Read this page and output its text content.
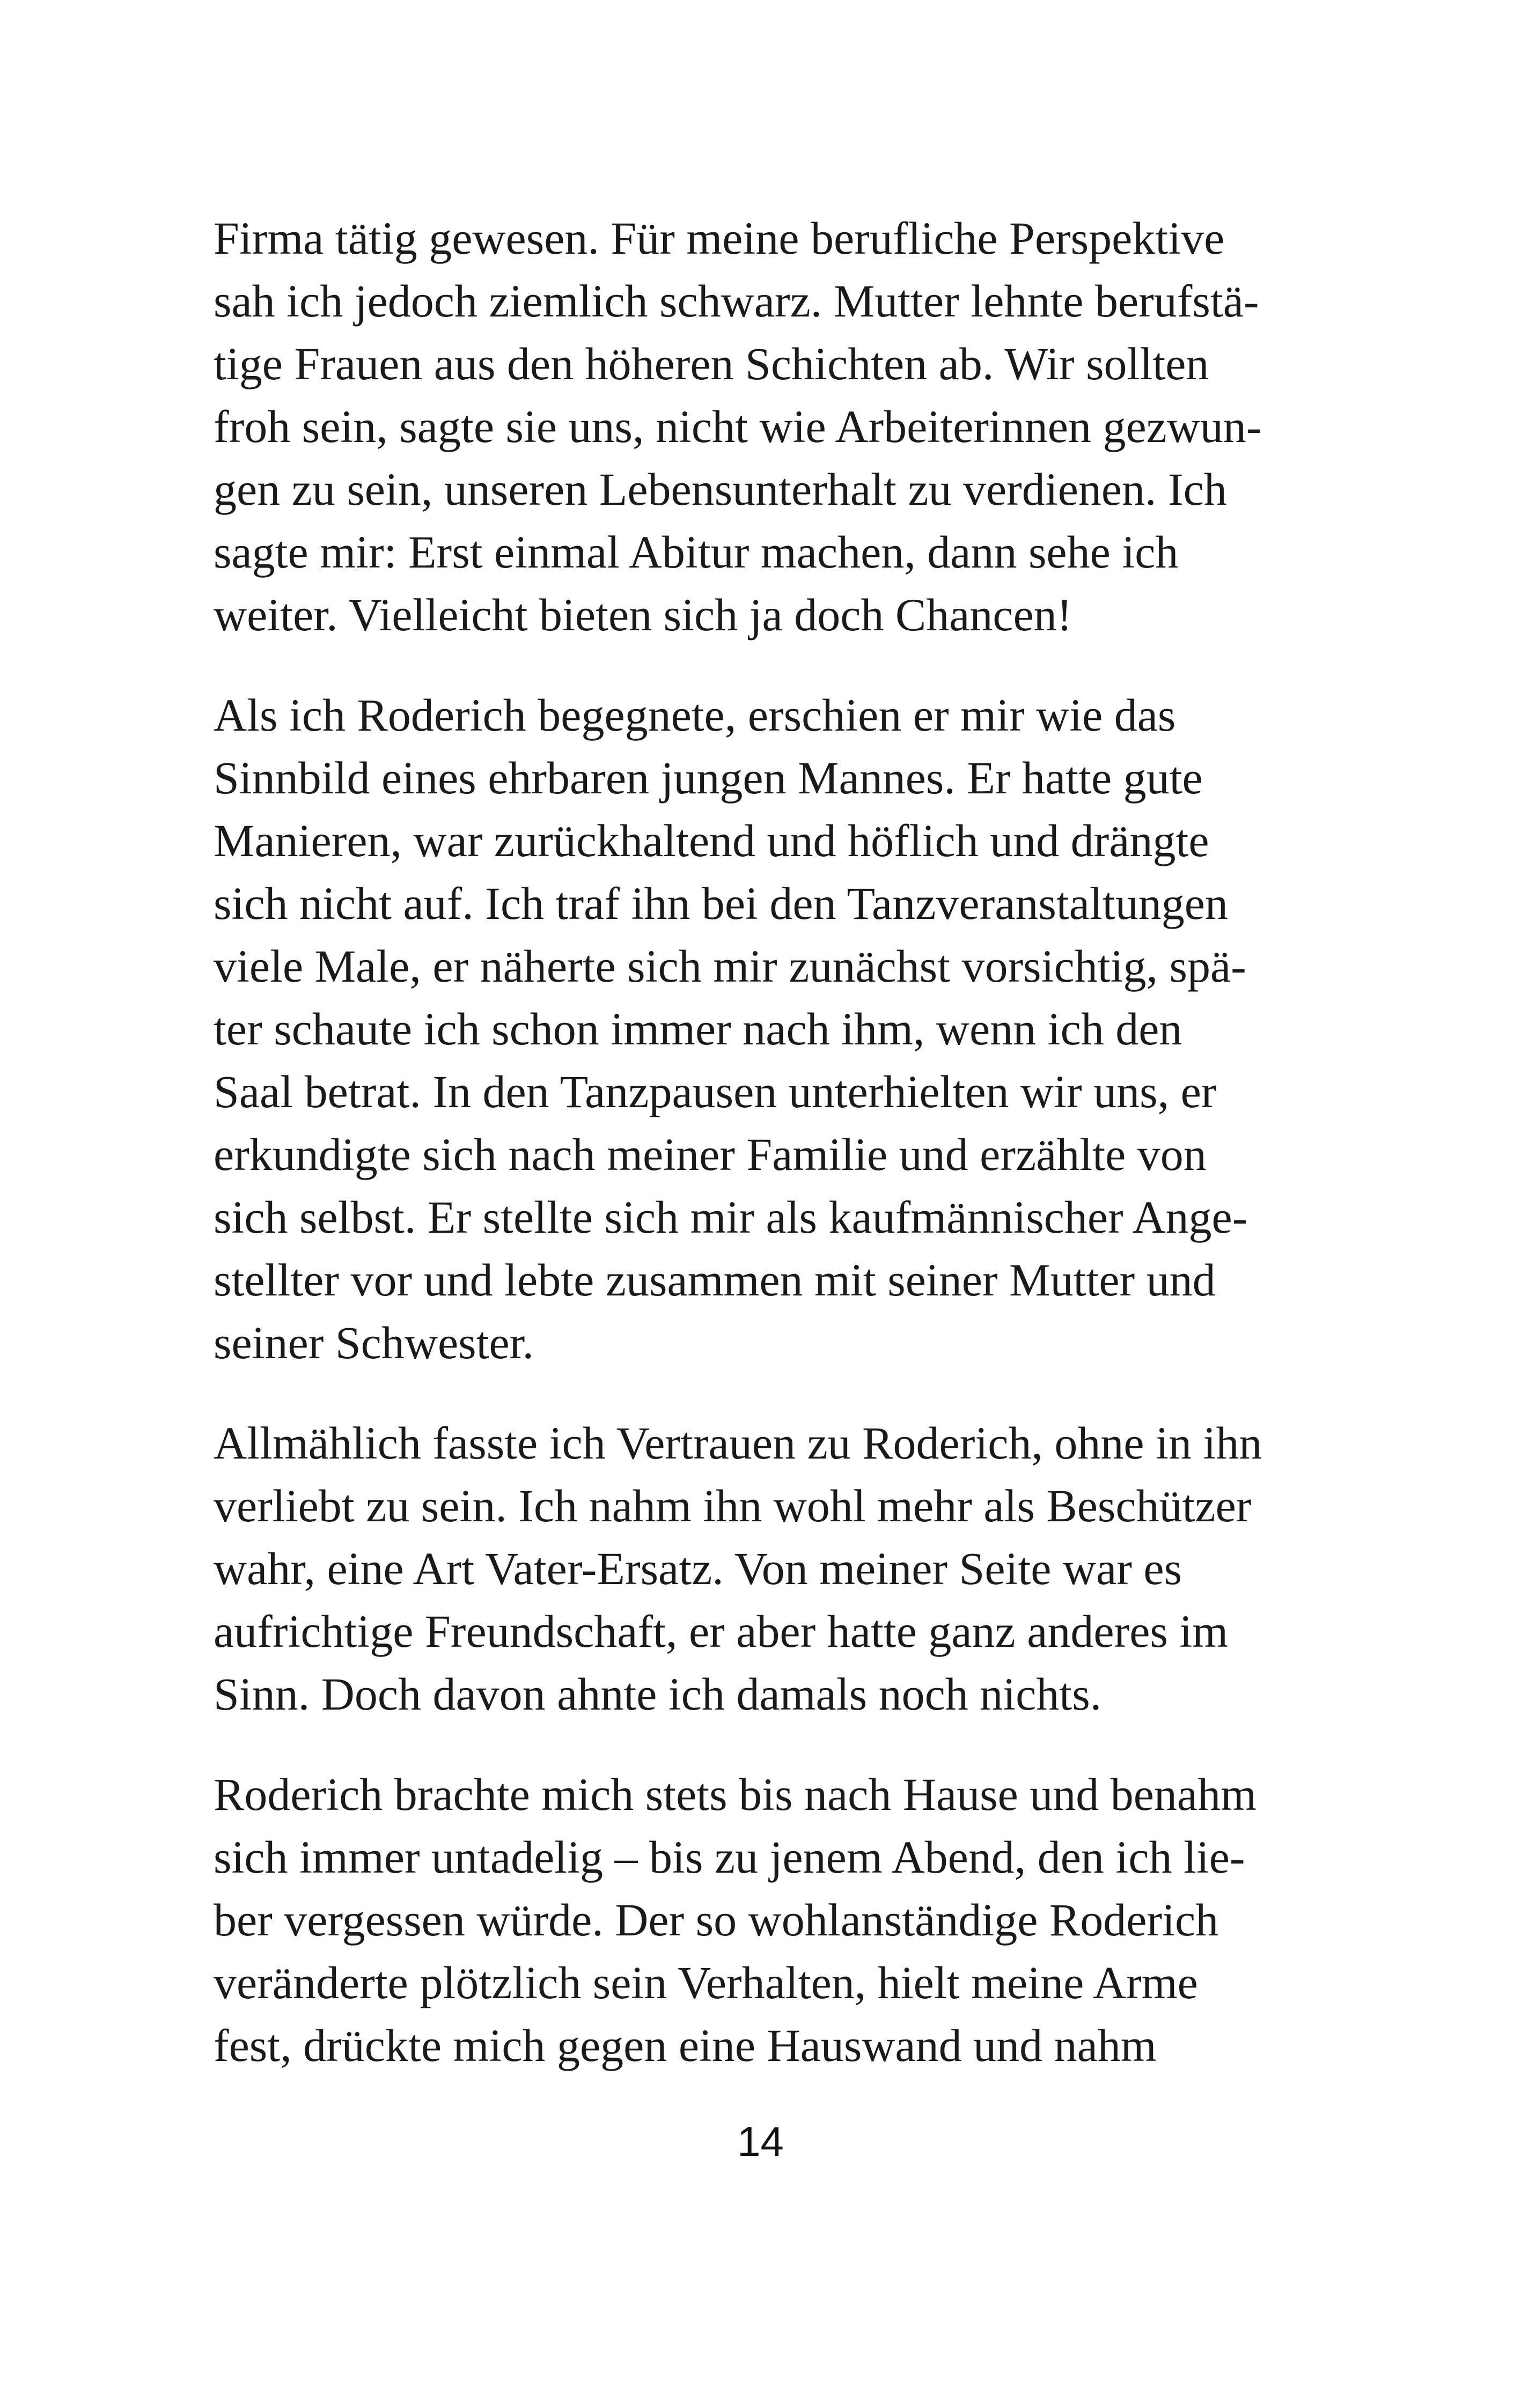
Firma tätig gewesen. Für meine berufliche Perspektive
sah ich jedoch ziemlich schwarz. Mutter lehnte berufstä-
tige Frauen aus den höheren Schichten ab. Wir sollten
froh sein, sagte sie uns, nicht wie Arbeiterinnen gezwun-
gen zu sein, unseren Lebensunterhalt zu verdienen. Ich
sagte mir: Erst einmal Abitur machen, dann sehe ich
weiter. Vielleicht bieten sich ja doch Chancen!

Als ich Roderich begegnete, erschien er mir wie das
Sinnbild eines ehrbaren jungen Mannes. Er hatte gute
Manieren, war zurückhaltend und höflich und drängte
sich nicht auf. Ich traf ihn bei den Tanzveranstaltungen
viele Male, er näherte sich mir zunächst vorsichtig, spä-
ter schaute ich schon immer nach ihm, wenn ich den
Saal betrat. In den Tanzpausen unterhielten wir uns, er
erkundigte sich nach meiner Familie und erzählte von
sich selbst. Er stellte sich mir als kaufmännischer Ange-
stellter vor und lebte zusammen mit seiner Mutter und
seiner Schwester.

Allmählich fasste ich Vertrauen zu Roderich, ohne in ihn
verliebt zu sein. Ich nahm ihn wohl mehr als Beschützer
wahr, eine Art Vater-Ersatz. Von meiner Seite war es
aufrichtige Freundschaft, er aber hatte ganz anderes im
Sinn. Doch davon ahnte ich damals noch nichts.

Roderich brachte mich stets bis nach Hause und benahm
sich immer untadelig – bis zu jenem Abend, den ich lie-
ber vergessen würde. Der so wohlanständige Roderich
veränderte plötzlich sein Verhalten, hielt meine Arme
fest, drückte mich gegen eine Hauswand und nahm

14
